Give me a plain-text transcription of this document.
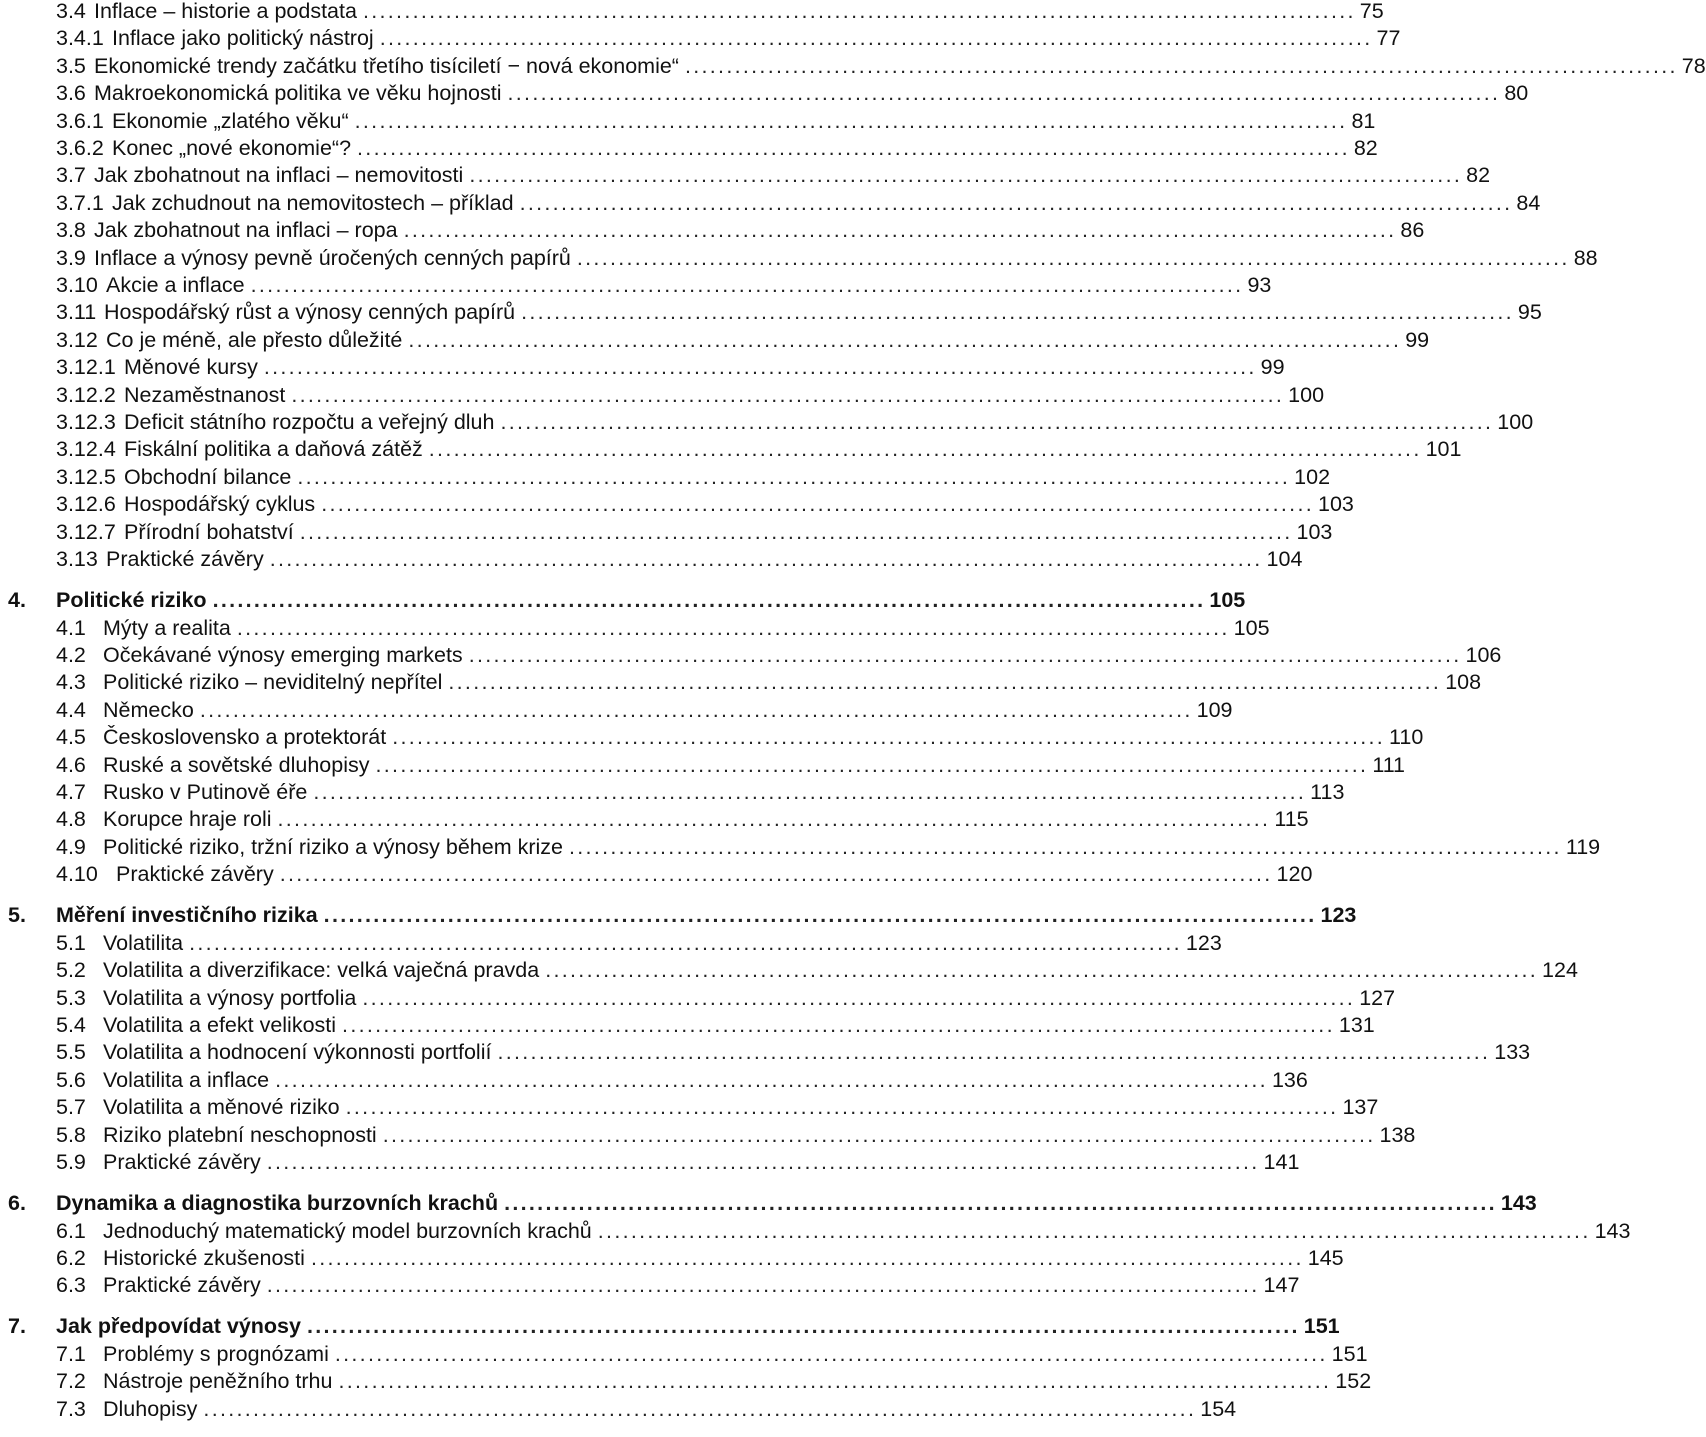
3.4 Inflace – historie a podstata ........................................................................................................................ 75
3.4.1 Inflace jako politický nástroj ........................................................................................................................ 77
3.5 Ekonomické trendy začátku třetího tisíciletí − nová ekonomie“ ........................................................................................................................ 78
3.6 Makroekonomická politika ve věku hojnosti ........................................................................................................................ 80
3.6.1 Ekonomie „zlatého věku“ ........................................................................................................................ 81
3.6.2 Konec „nové ekonomie“? ........................................................................................................................ 82
3.7 Jak zbohatnout na inflaci – nemovitosti ........................................................................................................................ 82
3.7.1 Jak zchudnout na nemovitostech – příklad ........................................................................................................................ 84
3.8 Jak zbohatnout na inflaci – ropa ........................................................................................................................ 86
3.9 Inflace a výnosy pevně úročených cenných papírů ........................................................................................................................ 88
3.10 Akcie a inflace ........................................................................................................................ 93
3.11 Hospodářský růst a výnosy cenných papírů ........................................................................................................................ 95
3.12 Co je méně, ale přesto důležité ........................................................................................................................ 99
3.12.1 Měnové kursy ........................................................................................................................ 99
3.12.2 Nezaměstnanost ........................................................................................................................ 100
3.12.3 Deficit státního rozpočtu a veřejný dluh ........................................................................................................................ 100
3.12.4 Fiskální politika a daňová zátěž ........................................................................................................................ 101
3.12.5 Obchodní bilance ........................................................................................................................ 102
3.12.6 Hospodářský cyklus ........................................................................................................................ 103
3.12.7 Přírodní bohatství ........................................................................................................................ 103
3.13 Praktické závěry ........................................................................................................................ 104
4. Politické riziko ........................................................................................................................ 105
4.1 Mýty a realita ........................................................................................................................ 105
4.2 Očekávané výnosy emerging markets ........................................................................................................................ 106
4.3 Politické riziko – neviditelný nepřítel ........................................................................................................................ 108
4.4 Německo ........................................................................................................................ 109
4.5 Československo a protektorát ........................................................................................................................ 110
4.6 Ruské a sovětské dluhopisy ........................................................................................................................ 111
4.7 Rusko v Putinově éře ........................................................................................................................ 113
4.8 Korupce hraje roli ........................................................................................................................ 115
4.9 Politické riziko, tržní riziko a výnosy během krize ........................................................................................................................ 119
4.10 Praktické závěry ........................................................................................................................ 120
5. Měření investičního rizika ........................................................................................................................ 123
5.1 Volatilita ........................................................................................................................ 123
5.2 Volatilita a diverzifikace: velká vaječná pravda ........................................................................................................................ 124
5.3 Volatilita a výnosy portfolia ........................................................................................................................ 127
5.4 Volatilita a efekt velikosti ........................................................................................................................ 131
5.5 Volatilita a hodnocení výkonnosti portfolií ........................................................................................................................ 133
5.6 Volatilita a inflace ........................................................................................................................ 136
5.7 Volatilita a měnové riziko ........................................................................................................................ 137
5.8 Riziko platební neschopnosti ........................................................................................................................ 138
5.9 Praktické závěry ........................................................................................................................ 141
6. Dynamika a diagnostika burzovních krachů ........................................................................................................................ 143
6.1 Jednoduchý matematický model burzovních krachů ........................................................................................................................ 143
6.2 Historické zkušenosti ........................................................................................................................ 145
6.3 Praktické závěry ........................................................................................................................ 147
7. Jak předpovídat výnosy ........................................................................................................................ 151
7.1 Problémy s prognózami ........................................................................................................................ 151
7.2 Nástroje peněžního trhu ........................................................................................................................ 152
7.3 Dluhopisy ........................................................................................................................ 154
